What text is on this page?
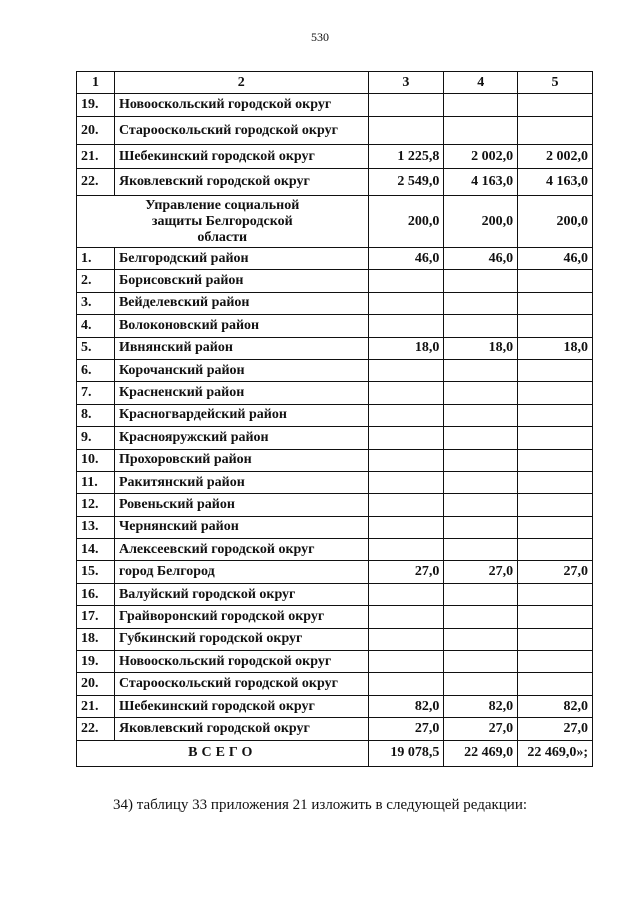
530
1	2	3	4	5
19.	Новооскольский городской округ			
20.	Старооскольский городской округ			
21.	Шебекинский городской округ	1 225,8	2 002,0	2 002,0
22.	Яковлевский городской округ	2 549,0	4 163,0	4 163,0
Управление социальной защиты Белгородской области		200,0	200,0	200,0
1.	Белгородский район	46,0	46,0	46,0
2.	Борисовский район			
3.	Вейделевский район			
4.	Волоконовский район			
5.	Ивнянский район	18,0	18,0	18,0
6.	Корочанский район			
7.	Красненский район			
8.	Красногвардейский район			
9.	Краснояружский район			
10.	Прохоровский район			
11.	Ракитянский район			
12.	Ровеньский район			
13.	Чернянский район			
14.	Алексеевский городской округ			
15.	город Белгород	27,0	27,0	27,0
16.	Валуйский городской округ			
17.	Грайворонский городской округ			
18.	Губкинский городской округ			
19.	Новооскольский городской округ			
20.	Старооскольский городской округ			
21.	Шебекинский городской округ	82,0	82,0	82,0
22.	Яковлевский городской округ	27,0	27,0	27,0
ВСЕГО		19 078,5	22 469,0	22 469,0»;
34) таблицу 33 приложения 21 изложить в следующей редакции:
